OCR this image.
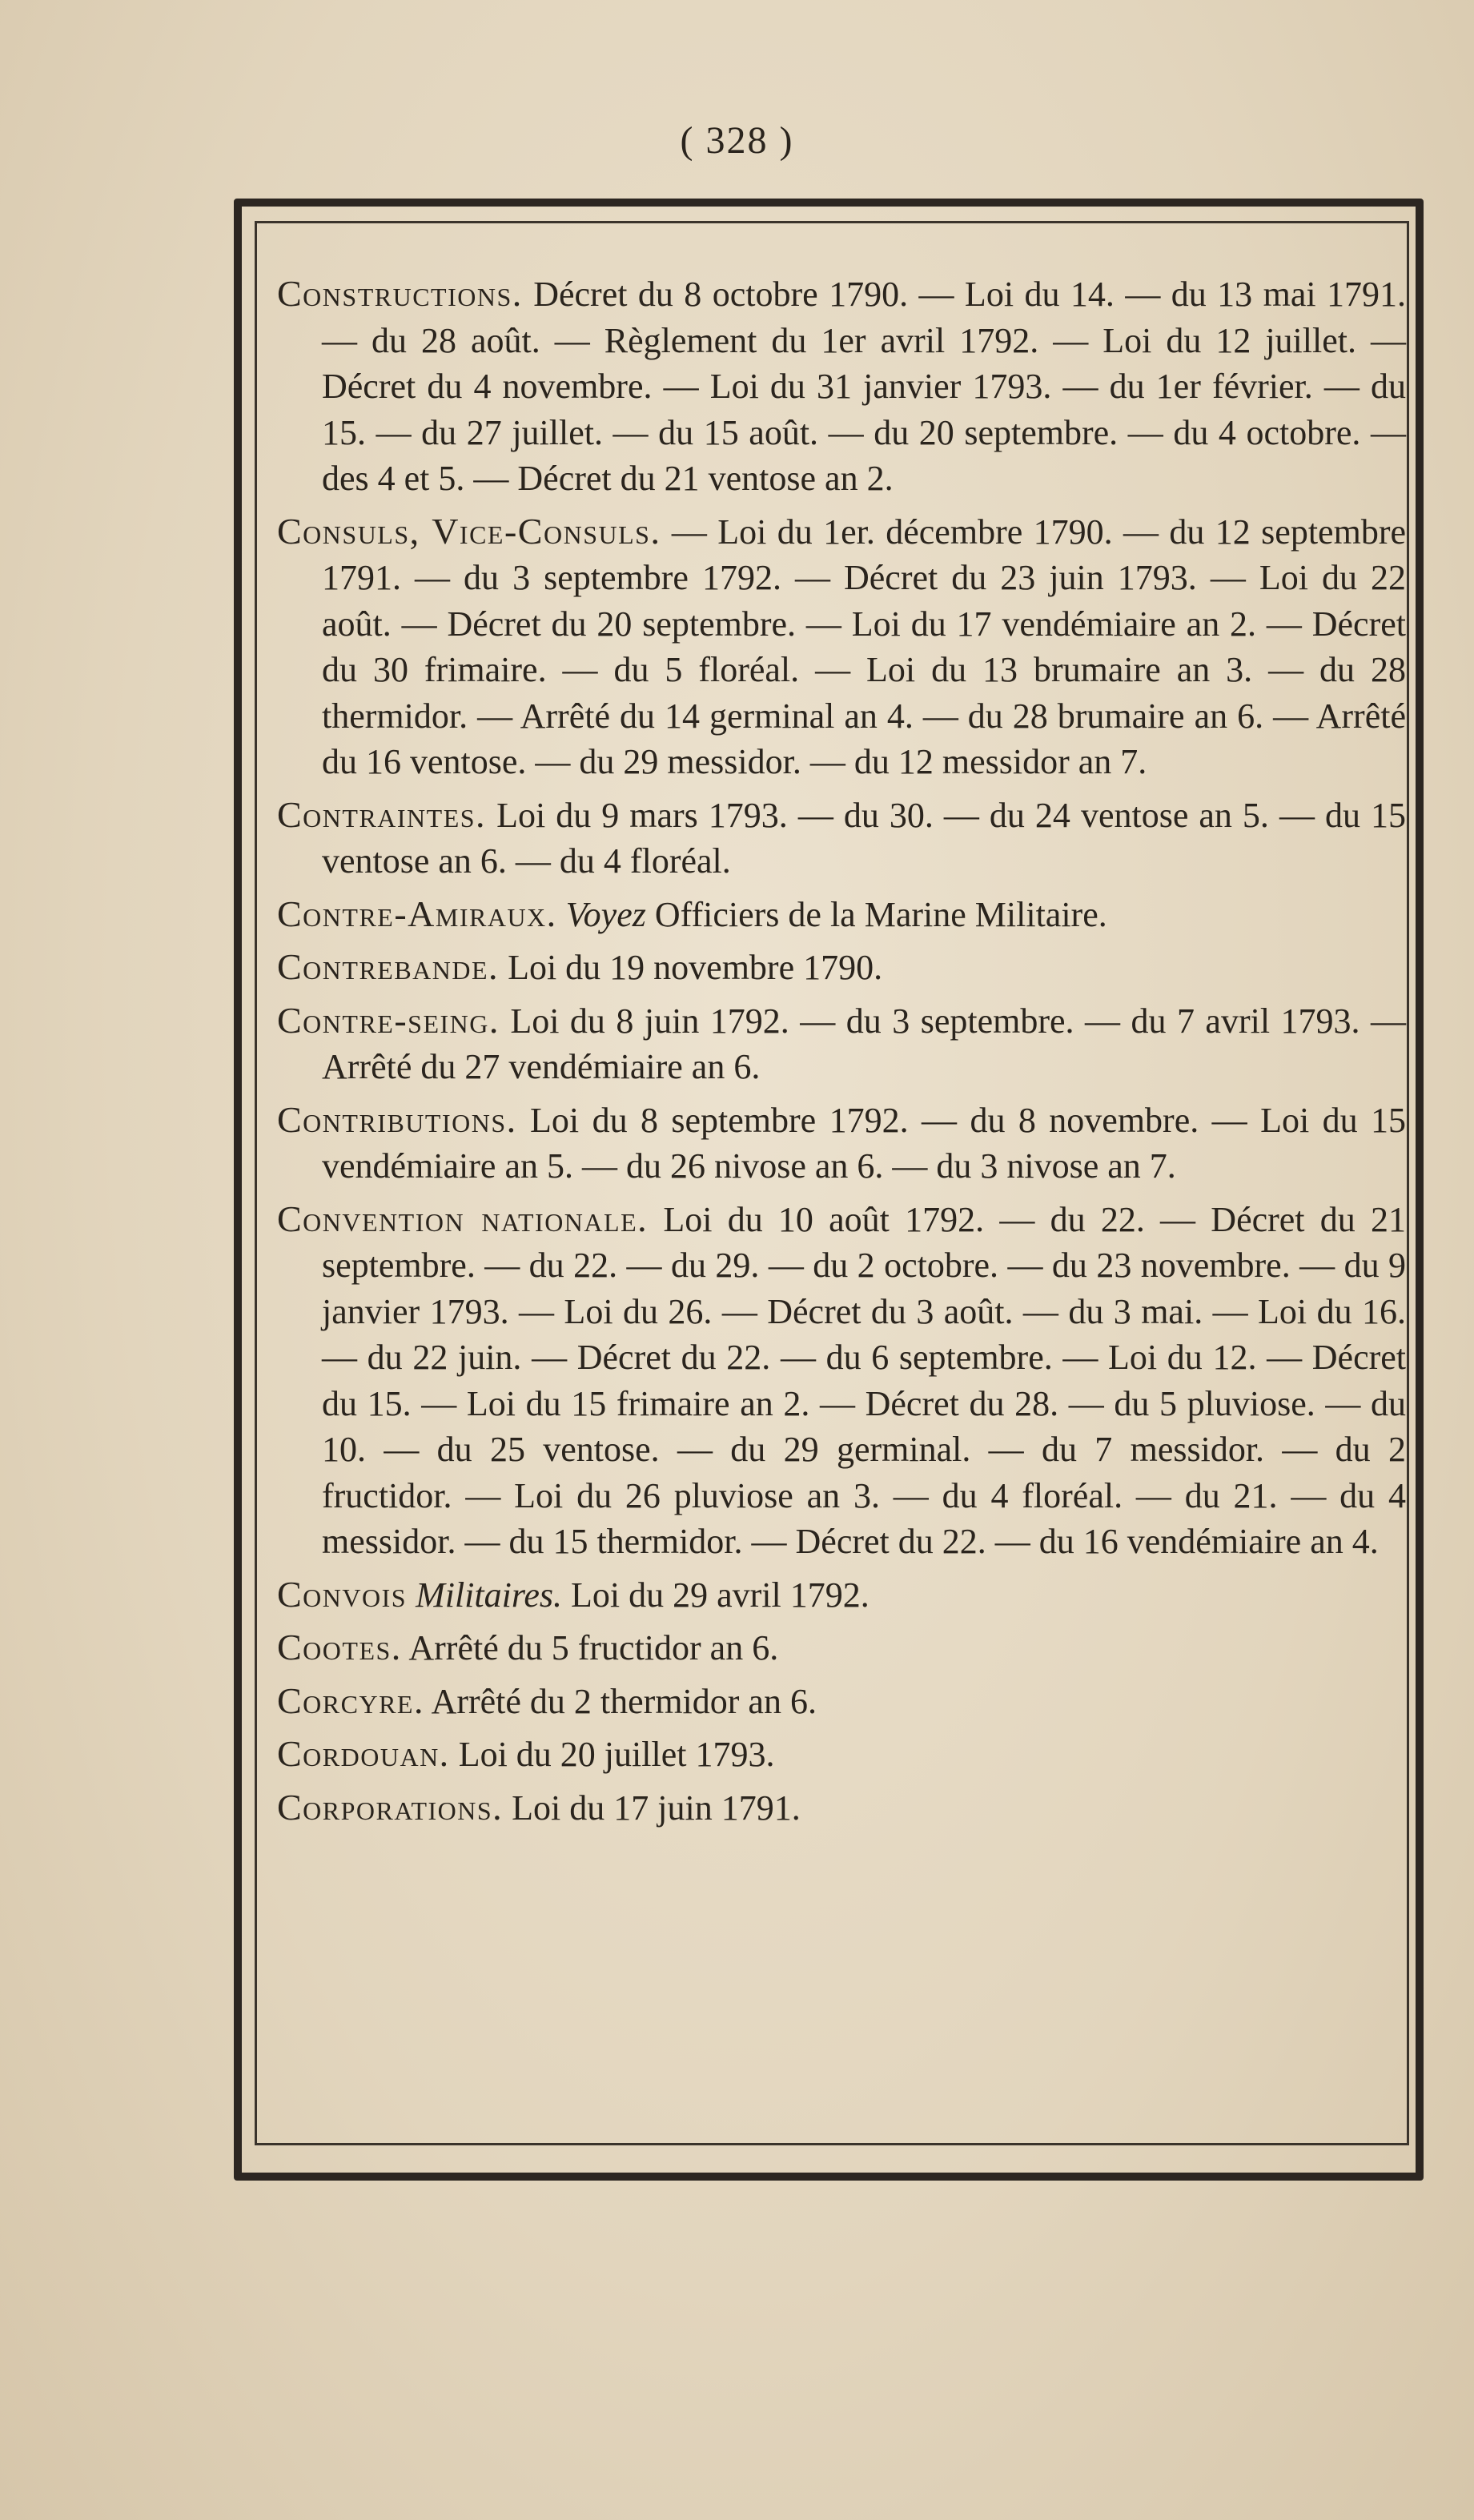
( 328 )

Constructions. Décret du 8 octobre 1790. — Loi du 14. — du 13 mai 1791. — du 28 août. — Règlement du 1er avril 1792. — Loi du 12 juillet. — Décret du 4 novembre. — Loi du 31 janvier 1793. — du 1er février. — du 15. — du 27 juillet. — du 15 août. — du 20 septembre. — du 4 octobre. — des 4 et 5. — Décret du 21 ventose an 2.

Consuls, Vice-Consuls. — Loi du 1er. décembre 1790. — du 12 septembre 1791. — du 3 septembre 1792. — Décret du 23 juin 1793. — Loi du 22 août. — Décret du 20 septembre. — Loi du 17 vendémiaire an 2. — Décret du 30 frimaire. — du 5 floréal. — Loi du 13 brumaire an 3. — du 28 thermidor. — Arrêté du 14 germinal an 4. — du 28 brumaire an 6. — Arrêté du 16 ventose. — du 29 messidor. — du 12 messidor an 7.

Contraintes. Loi du 9 mars 1793. — du 30. — du 24 ventose an 5. — du 15 ventose an 6. — du 4 floréal.

Contre-Amiraux. Voyez Officiers de la Marine Militaire.

Contrebande. Loi du 19 novembre 1790.

Contre-seing. Loi du 8 juin 1792. — du 3 septembre. — du 7 avril 1793. — Arrêté du 27 vendémiaire an 6.

Contributions. Loi du 8 septembre 1792. — du 8 novembre. — Loi du 15 vendémiaire an 5. — du 26 nivose an 6. — du 3 nivose an 7.

Convention nationale. Loi du 10 août 1792. — du 22. — Décret du 21 septembre. — du 22. — du 29. — du 2 octobre. — du 23 novembre. — du 9 janvier 1793. — Loi du 26. — Décret du 3 août. — du 3 mai. — Loi du 16. — du 22 juin. — Décret du 22. — du 6 septembre. — Loi du 12. — Décret du 15. — Loi du 15 frimaire an 2. — Décret du 28. — du 5 pluviose. — du 10. — du 25 ventose. — du 29 germinal. — du 7 messidor. — du 2 fructidor. — Loi du 26 pluviose an 3. — du 4 floréal. — du 21. — du 4 messidor. — du 15 thermidor. — Décret du 22. — du 16 vendémiaire an 4.

Convois Militaires. Loi du 29 avril 1792.

Cootes. Arrêté du 5 fructidor an 6.

Corcyre. Arrêté du 2 thermidor an 6.

Cordouan. Loi du 20 juillet 1793.

Corporations. Loi du 17 juin 1791.
